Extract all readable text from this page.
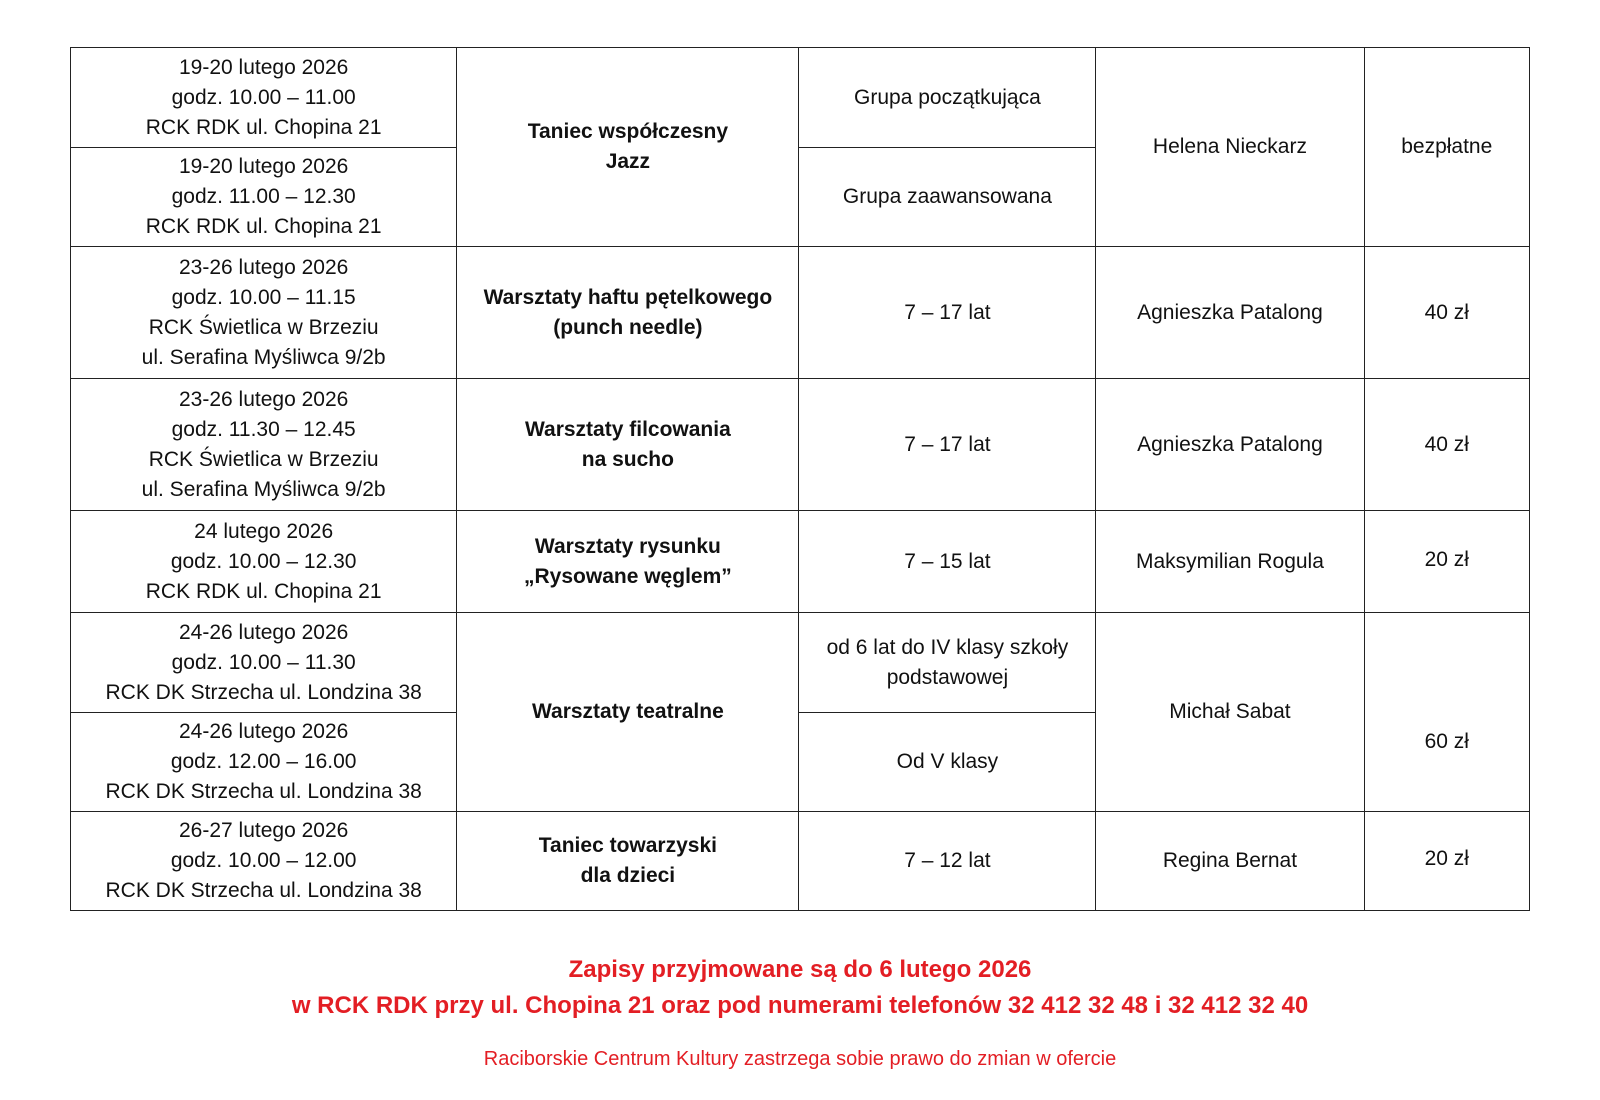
19-20 lutego 2026
godz. 10.00 – 11.00
RCK RDK ul. Chopina 21	Taniec współczesny
Jazz	Grupa początkująca	Helena Nieckarz	bezpłatne

19-20 lutego 2026
godz. 11.00 – 12.30
RCK RDK ul. Chopina 21		Grupa zaawansowana		

23-26 lutego 2026
godz. 10.00 – 11.15
RCK Świetlica w Brzeziu
ul. Serafina Myśliwca 9/2b	Warsztaty haftu pętelkowego
(punch needle)	7 – 17 lat	Agnieszka Patalong	40 zł

23-26 lutego 2026
godz. 11.30 – 12.45
RCK Świetlica w Brzeziu
ul. Serafina Myśliwca 9/2b	Warsztaty filcowania
na sucho	7 – 17 lat	Agnieszka Patalong	40 zł

24 lutego 2026
godz. 10.00 – 12.30
RCK RDK ul. Chopina 21	Warsztaty rysunku
„Rysowane węglem”	7 – 15 lat	Maksymilian Rogula	20 zł

24-26 lutego 2026
godz. 10.00 – 11.30
RCK DK Strzecha ul. Londzina 38	Warsztaty teatralne	od 6 lat do IV klasy szkoły
podstawowej	Michał Sabat	60 zł

24-26 lutego 2026
godz. 12.00 – 16.00
RCK DK Strzecha ul. Londzina 38		Od V klasy		

26-27 lutego 2026
godz. 10.00 – 12.00
RCK DK Strzecha ul. Londzina 38	Taniec towarzyski
dla dzieci	7 – 12 lat	Regina Bernat	20 zł
Zapisy przyjmowane są do 6 lutego 2026
w RCK RDK przy ul. Chopina 21 oraz pod numerami telefonów 32 412 32 48 i 32 412 32 40
Raciborskie Centrum Kultury zastrzega sobie prawo do zmian w ofercie
